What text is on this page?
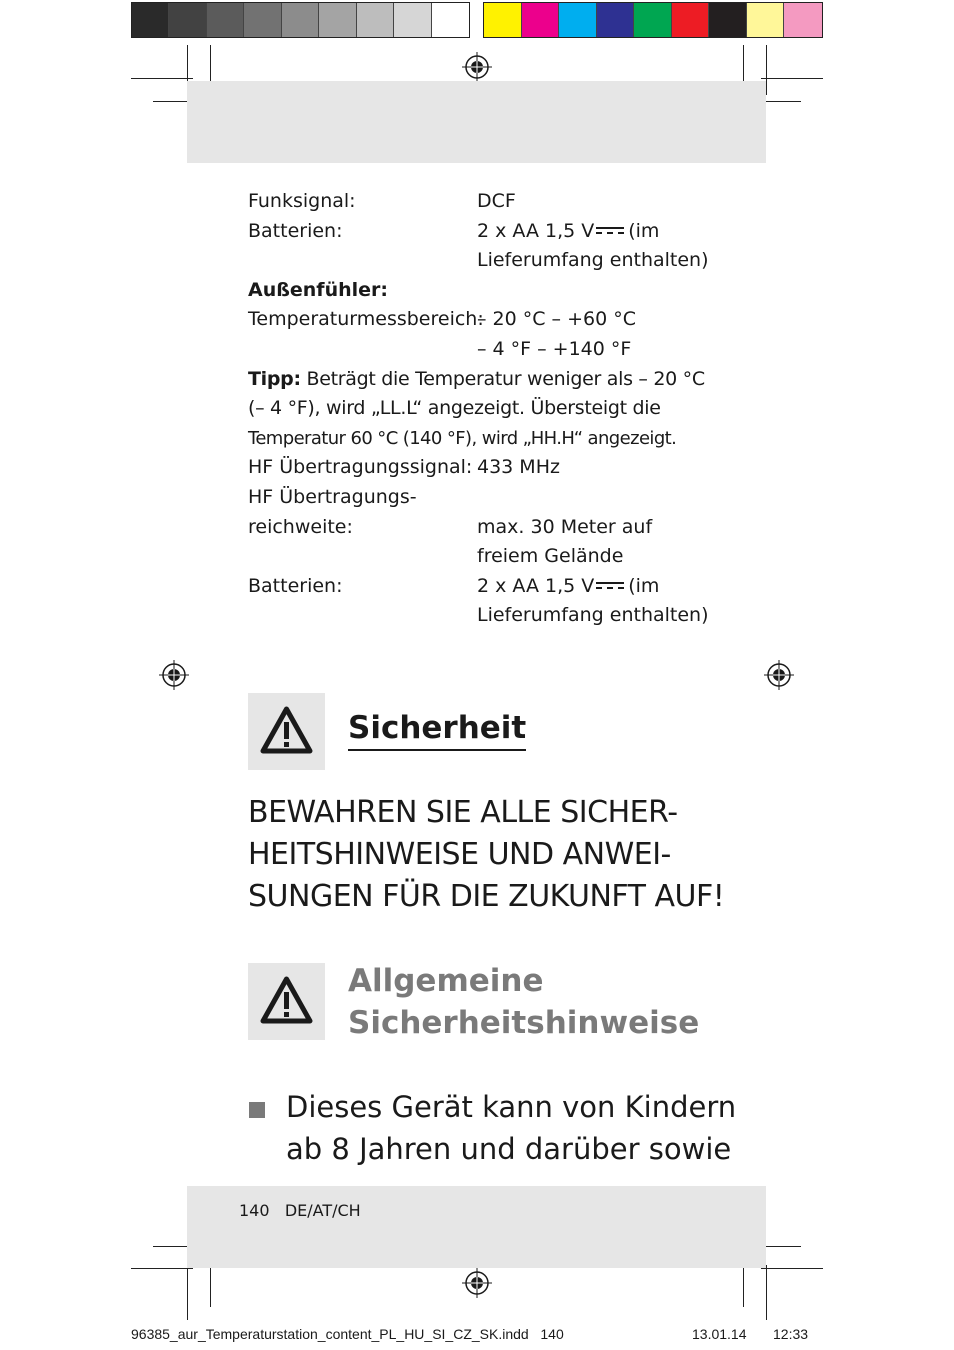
Funksignal:	DCF
Batterien:	2 x AA 1,5 V (im
Lieferumfang enthalten)
Außenfühler:
Temperaturmessbereich:
– 20 °C – +60 °C
– 4 °F – +140 °F
Tipp: Beträgt die Temperatur weniger als – 20 °C
(– 4 °F), wird „LL.L“ angezeigt. Übersteigt die
Temperatur 60 °C (140 °F), wird „HH.H“ angezeigt.
HF Übertragungssignal: 433 MHz
HF Übertragungs-
reichweite:	max. 30 Meter auf
freiem Gelände
Batterien:	2 x AA 1,5 V (im
Lieferumfang enthalten)
Sicherheit
BEWAHREN SIE ALLE SICHER-
HEITSHINWEISE UND ANWEI-
SUNGEN FÜR DIE ZUKUNFT AUF!
Allgemeine
Sicherheitshinweise
Dieses Gerät kann von Kindern
ab 8 Jahren und darüber sowie
140 DE/AT/CH
96385_aur_Temperaturstation_content_PL_HU_SI_CZ_SK.indd   140	13.01.14 12:33
